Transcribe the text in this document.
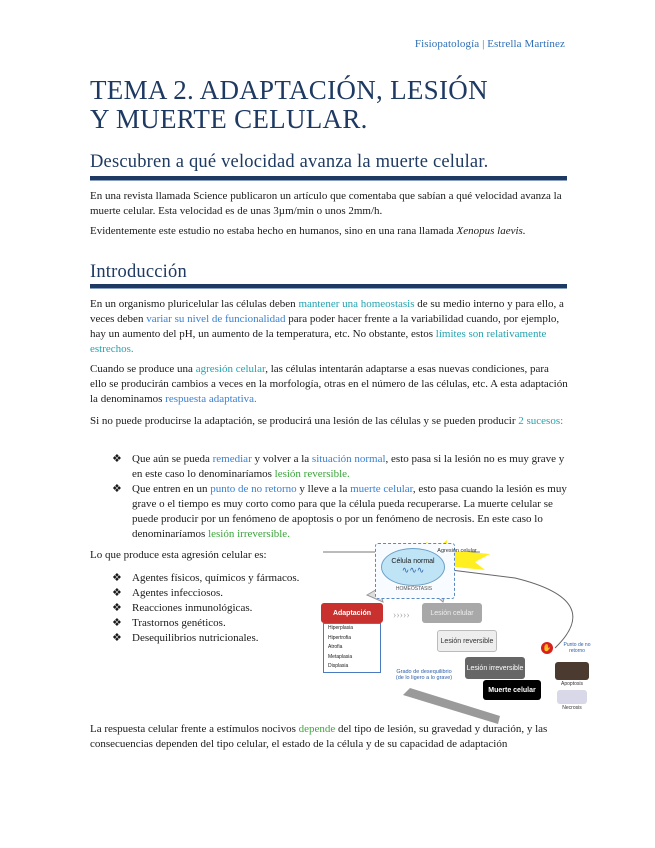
Fisiopatología | Estrella Martínez
TEMA 2. ADAPTACIÓN, LESIÓN
Y MUERTE CELULAR.
Descubren a qué velocidad avanza la muerte celular.

En una revista llamada Science publicaron un artículo que comentaba que sabían a qué velocidad avanza la muerte celular. Esta velocidad es de unas 3µm/min o unos 2mm/h.

Evidentemente este estudio no estaba hecho en humanos, sino en una rana llamada Xenopus laevis.

Introducción

En un organismo pluricelular las células deben mantener una homeostasis de su medio interno y para ello, a veces deben variar su nivel de funcionalidad para poder hacer frente a la variabilidad cuando, por ejemplo, hay un aumento del pH, un aumento de la temperatura, etc. No obstante, estos límites son relativamente estrechos.

Cuando se produce una agresión celular, las células intentarán adaptarse a esas nuevas condiciones, para ello se producirán cambios a veces en la morfología, otras en el número de las células, etc. A esta adaptación la denominamos respuesta adaptativa.

Si no puede producirse la adaptación, se producirá una lesión de las células y se pueden producir 2 sucesos:

❖ Que aún se pueda remediar y volver a la situación normal, esto pasa si la lesión no es muy grave y en este caso lo denominaríamos lesión reversible.
❖ Que entren en un punto de no retorno y lleve a la muerte celular, esto pasa cuando la lesión es muy grave o el tiempo es muy corto como para que la célula pueda recuperarse. La muerte celular se puede producir por un fenómeno de apoptosis o por un fenómeno de necrosis. En este caso lo denominaríamos lesión irreversible.

Lo que produce esta agresión celular es:

❖ Agentes físicos, químicos y fármacos.
❖ Agentes infecciosos.
❖ Reacciones inmunológicas.
❖ Trastornos genéticos.
❖ Desequilibrios nutricionales.
›››››
Célula normal
∿∿∿
HOMEOSTASIS
Agresión celular
Adaptación
Hiperplasia
Hipertrofia
Atrofia
Metaplasia
Displasia
Lesión celular
Lesión reversible
Lesión irreversible
Muerte celular
Grado de desequilibrio (de lo ligero a lo grave)
✋	Punto de no retorno
Apoptosis
Necrosis

La respuesta celular frente a estímulos nocivos depende del tipo de lesión, su gravedad y duración, y las consecuencias dependen del tipo celular, el estado de la célula y de su capacidad de adaptación
